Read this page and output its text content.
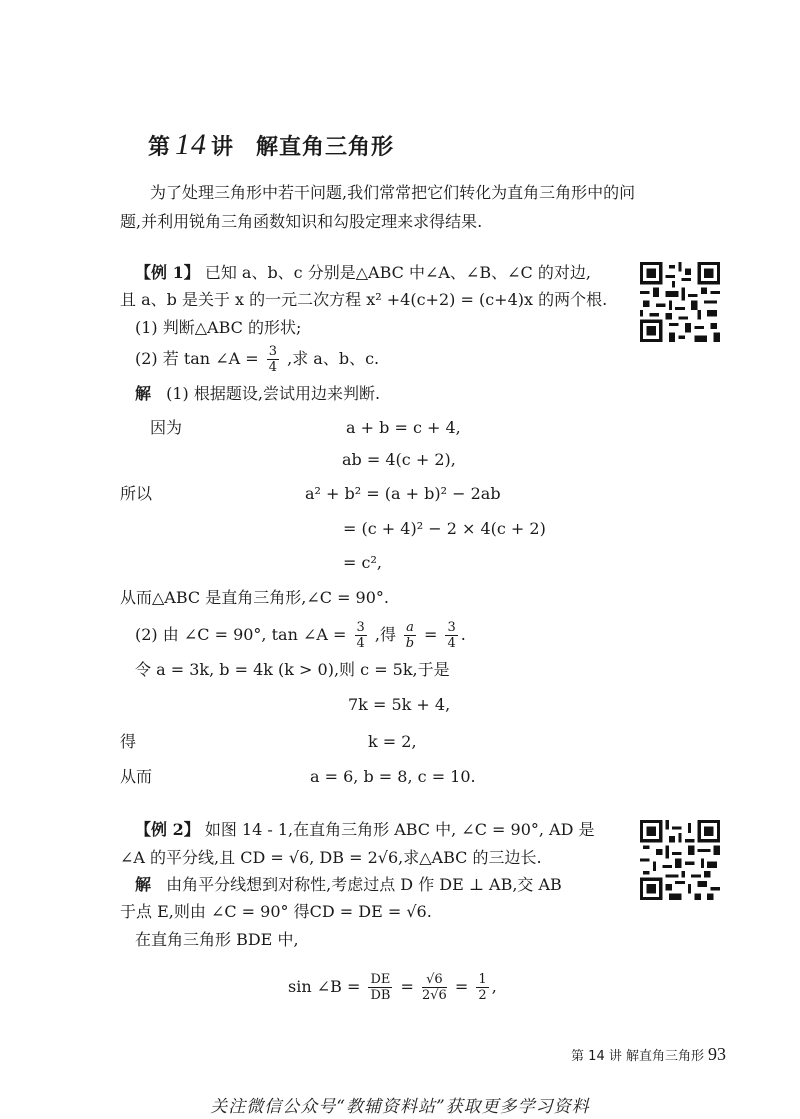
第 14 讲 解直角三角形
为了处理三角形中若干问题,我们常常把它们转化为直角三角形中的问
题,并利用锐角三角函数知识和勾股定理来求得结果.
【例 1】 已知 a、b、c 分别是△ABC 中∠A、∠B、∠C 的对边,
且 a、b 是关于 x 的一元二次方程 x² +4(c+2) = (c+4)x 的两个根.
(1) 判断△ABC 的形状;
(2) 若 tan ∠A = $\frac{3}{4}$ ,求 a、b、c.
解 (1) 根据题设,尝试用边来判断.
因为	a + b = c + 4,
ab = 4(c + 2),
所以	a² + b² = (a + b)² − 2ab
= (c + 4)² − 2 × 4(c + 2)
= c²,
从而△ABC 是直角三角形,∠C = 90°.
(2) 由 ∠C = 90°, tan ∠A = $\frac{3}{4}$ ,得 $\frac{a}{b} = \frac{3}{4}$ .
令 a = 3k, b = 4k (k > 0),则 c = 5k,于是
7k = 5k + 4,
得	k = 2,
从而	a = 6, b = 8, c = 10.
【例 2】 如图 14 - 1,在直角三角形 ABC 中, ∠C = 90°, AD 是
∠A 的平分线,且 CD = √6, DB = 2√6,求△ABC 的三边长.
解 由角平分线想到对称性,考虑过点 D 作 DE ⊥ AB,交 AB
于点 E,则由 ∠C = 90° 得CD = DE = √6.
在直角三角形 BDE 中,
sin ∠B = $\frac{DE}{DB} = \frac{√6}{2√6} = \frac{1}{2}$ ,
第 14 讲 解直角三角形 93
关注微信公众号“教辅资料站”获取更多学习资料
